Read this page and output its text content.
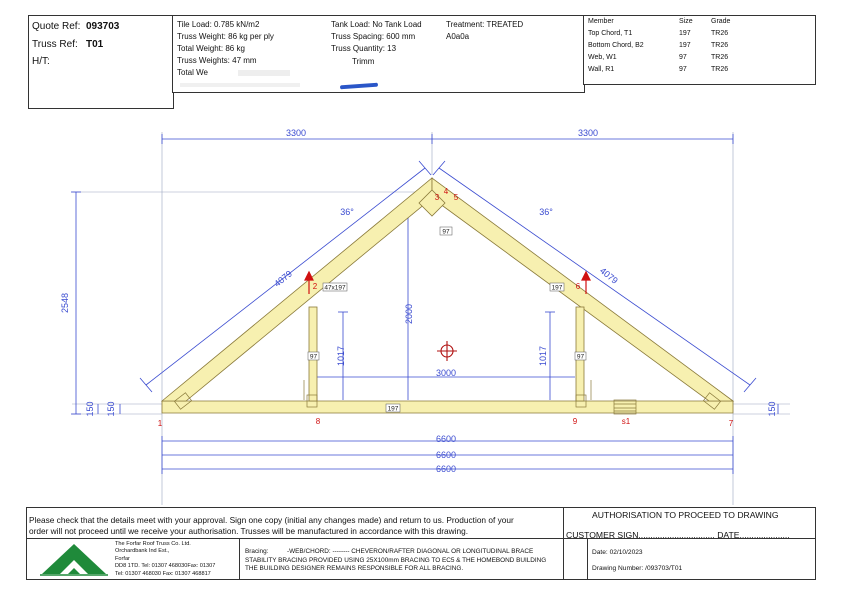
Quote Ref: 093703
Truss Ref: T01
H/T:
Tile Load: 0.785 kN/m2
Truss Weight: 86 kg per ply
Total Weight: 86 kg
Truss Weights: 47 mm
Total We
Tank Load: No Tank Load
Truss Spacing: 600 mm
Truss Quantity: 13
Trimm
Treatment: TREATED
A0a0a
Member	Size	Grade
Top Chord, T1	197	TR26
Bottom Chord, B2	197	TR26
Web, W1	97	TR26
Wall, R1	97	TR26
3300	3300
36°	36°
4079	4079
2548
150 150	150
2000
1017	1017
3000
6600
6600
6600
47x197	197
97
197
97	97
1
2
3
4
5
6
7
8	9	s1
Please check that the details meet with your approval. Sign one copy (initial any changes made) and return to us. Production of your
order will not proceed until we receive your authorisation. Trusses will be manufactured in accordance with this drawing.
AUTHORISATION TO PROCEED TO DRAWING
CUSTOMER SIGN................................ DATE.....................
The Forfar Roof Truss Co. Ltd.
Orchardbank Ind Est.,
Forfar
DD8 1TD. Tel: 01307 468030Fax: 01307
Tel: 01307 468030 Fax: 01307 468817
Bracing:	-WEB/CHORD: -------- CHEVERON/RAFTER DIAGONAL OR LONGITUDINAL BRACE
STABILITY BRACING PROVIDED USING 25X100mm BRACING TO EC5 & THE HOMEBOND BUILDING
THE BUILDING DESIGNER REMAINS RESPONSIBLE FOR ALL BRACING.
Date: 02/10/2023
Drawing Number: /093703/T01
